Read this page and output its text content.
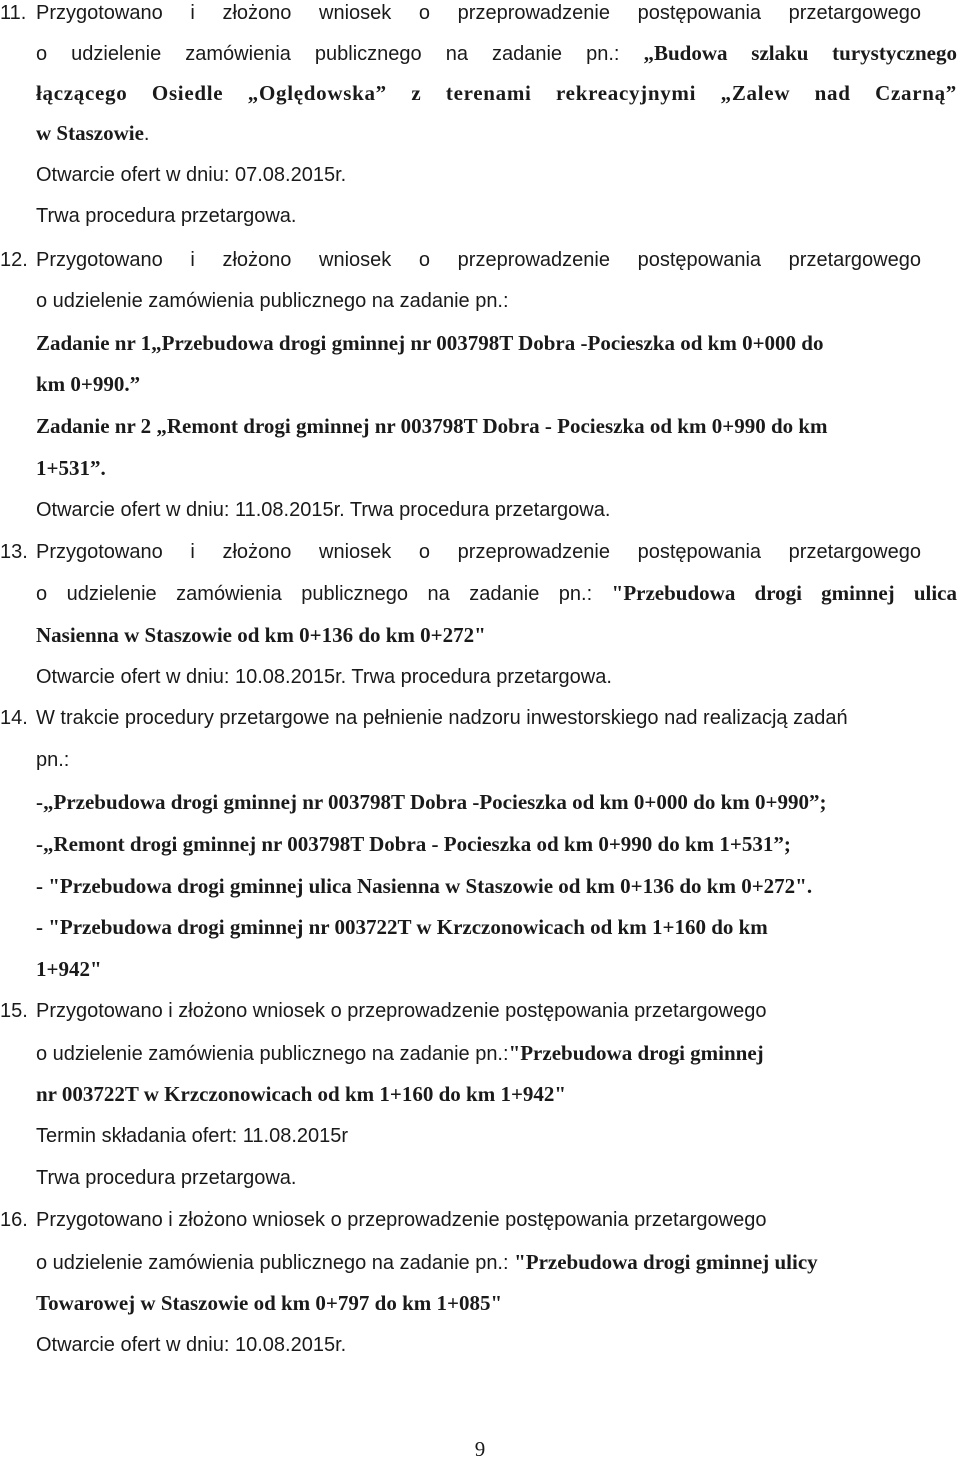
11. Przygotowano i złożono wniosek o przeprowadzenie postępowania przetargowego
o udzielenie zamówienia publicznego na zadanie pn.: „Budowa szlaku turystycznego
łączącego Osiedle „Oględowska” z terenami rekreacyjnymi „Zalew nad Czarną”
w Staszowie.
Otwarcie ofert w dniu: 07.08.2015r.
Trwa procedura przetargowa.
12. Przygotowano i złożono wniosek o przeprowadzenie postępowania przetargowego
o udzielenie zamówienia publicznego na zadanie pn.:
Zadanie nr 1„Przebudowa drogi gminnej nr 003798T Dobra -Pocieszka od km 0+000 do
km 0+990.”
Zadanie nr 2 „Remont drogi gminnej nr 003798T Dobra - Pocieszka od km 0+990 do km
1+531”.
Otwarcie ofert w dniu: 11.08.2015r. Trwa procedura przetargowa.
13. Przygotowano i złożono wniosek o przeprowadzenie postępowania przetargowego
o udzielenie zamówienia publicznego na zadanie pn.: "Przebudowa drogi gminnej ulica
Nasienna w Staszowie od km 0+136 do km 0+272"
Otwarcie ofert w dniu: 10.08.2015r. Trwa procedura przetargowa.
14. W trakcie procedury przetargowe na pełnienie nadzoru inwestorskiego nad realizacją zadań
pn.:
-„Przebudowa drogi gminnej nr 003798T Dobra -Pocieszka od km 0+000 do km 0+990”;
-„Remont drogi gminnej nr 003798T Dobra - Pocieszka od km 0+990 do km 1+531”;
- "Przebudowa drogi gminnej ulica Nasienna w Staszowie od km 0+136 do km 0+272".
- "Przebudowa drogi gminnej nr 003722T w Krzczonowicach od km 1+160 do km
1+942"
15. Przygotowano i złożono wniosek o przeprowadzenie postępowania przetargowego
o udzielenie zamówienia publicznego na zadanie pn.:"Przebudowa drogi gminnej
nr 003722T w Krzczonowicach od km 1+160 do km 1+942"
Termin składania ofert: 11.08.2015r
Trwa procedura przetargowa.
16. Przygotowano i złożono wniosek o przeprowadzenie postępowania przetargowego
o udzielenie zamówienia publicznego na zadanie pn.: "Przebudowa drogi gminnej ulicy
Towarowej w Staszowie od km 0+797 do km 1+085"
Otwarcie ofert w dniu: 10.08.2015r.
9
